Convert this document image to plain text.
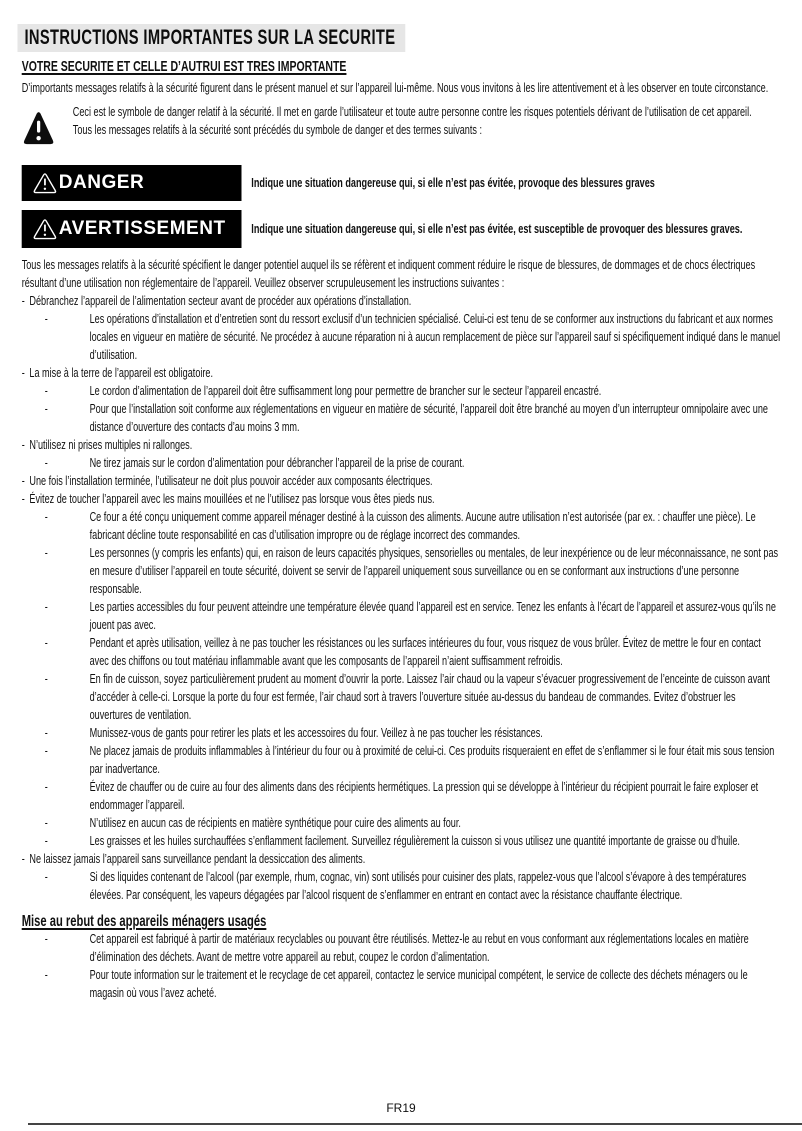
INSTRUCTIONS IMPORTANTES SUR LA SECURITE
VOTRE SECURITE ET CELLE D’AUTRUI EST TRES IMPORTANTE

D’importants messages relatifs à la sécurité figurent dans le présent manuel et sur l’appareil lui-même. Nous vous invitons à les lire attentivement et à les observer en toute circonstance.

Ceci est le symbole de danger relatif à la sécurité. Il met en garde l’utilisateur et toute autre personne contre les risques potentiels dérivant de l’utilisation de cet appareil.

Tous les messages relatifs à la sécurité sont précédés du symbole de danger et des termes suivants :

DANGER	Indique une situation dangereuse qui, si elle n’est pas évitée, provoque des blessures graves
AVERTISSEMENT Indique une situation dangereuse qui, si elle n’est pas évitée, est susceptible de provoquer des blessures graves.

Tous les messages relatifs à la sécurité spécifient le danger potentiel auquel ils se réfèrent et indiquent comment réduire le risque de blessures, de dommages et de chocs électriques résultant d’une utilisation non réglementaire de l’appareil. Veuillez observer scrupuleusement les instructions suivantes :

- Débranchez l’appareil de l’alimentation secteur avant de procéder aux opérations d’installation.
-	Les opérations d’installation et d’entretien sont du ressort exclusif d’un technicien spécialisé. Celui-ci est tenu de se conformer aux instructions du fabricant et aux normes locales en vigueur en matière de sécurité. Ne procédez à aucune réparation ni à aucun remplacement de pièce sur l’appareil sauf si spécifiquement indiqué dans le manuel d’utilisation.
- La mise à la terre de l’appareil est obligatoire.
-	Le cordon d’alimentation de l’appareil doit être suffisamment long pour permettre de brancher sur le secteur l’appareil encastré.
-	Pour que l’installation soit conforme aux réglementations en vigueur en matière de sécurité, l’appareil doit être branché au moyen d’un interrupteur omnipolaire avec une distance d’ouverture des contacts d’au moins 3 mm.
- N’utilisez ni prises multiples ni rallonges.
-	Ne tirez jamais sur le cordon d’alimentation pour débrancher l’appareil de la prise de courant.
- Une fois l’installation terminée, l’utilisateur ne doit plus pouvoir accéder aux composants électriques.
- Évitez de toucher l’appareil avec les mains mouillées et ne l’utilisez pas lorsque vous êtes pieds nus.
-	Ce four a été conçu uniquement comme appareil ménager destiné à la cuisson des aliments. Aucune autre utilisation n’est autorisée (par ex. : chauffer une pièce). Le fabricant décline toute responsabilité en cas d’utilisation impropre ou de réglage incorrect des commandes.
-	Les personnes (y compris les enfants) qui, en raison de leurs capacités physiques, sensorielles ou mentales, de leur inexpérience ou de leur méconnaissance, ne sont pas en mesure d’utiliser l’appareil en toute sécurité, doivent se servir de l’appareil uniquement sous surveillance ou en se conformant aux instructions d’une personne responsable.
-	Les parties accessibles du four peuvent atteindre une température élevée quand l’appareil est en service. Tenez les enfants à l’écart de l’appareil et assurez-vous qu’ils ne jouent pas avec.
-	Pendant et après utilisation, veillez à ne pas toucher les résistances ou les surfaces intérieures du four, vous risquez de vous brûler. Évitez de mettre le four en contact avec des chiffons ou tout matériau inflammable avant que les composants de l’appareil n’aient suffisamment refroidis.
-	En fin de cuisson, soyez particulièrement prudent au moment d’ouvrir la porte. Laissez l’air chaud ou la vapeur s’évacuer progressivement de l’enceinte de cuisson avant d’accéder à celle-ci. Lorsque la porte du four est fermée, l’air chaud sort à travers l’ouverture située au-dessus du bandeau de commandes. Evitez d’obstruer les ouvertures de ventilation.
-	Munissez-vous de gants pour retirer les plats et les accessoires du four. Veillez à ne pas toucher les résistances.
-	Ne placez jamais de produits inflammables à l’intérieur du four ou à proximité de celui-ci. Ces produits risqueraient en effet de s’enflammer si le four était mis sous tension par inadvertance.
-	Évitez de chauffer ou de cuire au four des aliments dans des récipients hermétiques. La pression qui se développe à l’intérieur du récipient pourrait le faire exploser et endommager l’appareil.
-	N’utilisez en aucun cas de récipients en matière synthétique pour cuire des aliments au four.
-	Les graisses et les huiles surchauffées s’enflamment facilement. Surveillez régulièrement la cuisson si vous utilisez une quantité importante de graisse ou d’huile.
- Ne laissez jamais l’appareil sans surveillance pendant la dessiccation des aliments.
-	Si des liquides contenant de l’alcool (par exemple, rhum, cognac, vin) sont utilisés pour cuisiner des plats, rappelez-vous que l’alcool s’évapore à des températures élevées. Par conséquent, les vapeurs dégagées par l’alcool risquent de s’enflammer en entrant en contact avec la résistance chauffante électrique.
Mise au rebut des appareils ménagers usagés
-	Cet appareil est fabriqué à partir de matériaux recyclables ou pouvant être réutilisés. Mettez-le au rebut en vous conformant aux réglementations locales en matière d’élimination des déchets. Avant de mettre votre appareil au rebut, coupez le cordon d’alimentation.
-	Pour toute information sur le traitement et le recyclage de cet appareil, contactez le service municipal compétent, le service de collecte des déchets ménagers ou le magasin où vous l’avez acheté.
FR19
